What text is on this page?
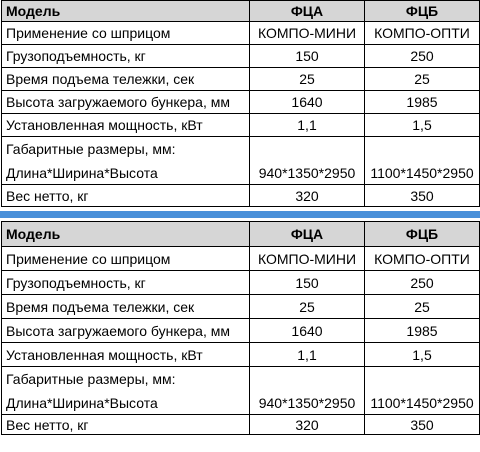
Модель	ФЦА	ФЦБ
Применение со шприцом	КОМПО-МИНИ	КОМПО-ОПТИ
Грузоподъемность, кг	150	250
Время подъема тележки, сек	25	25
Высота загружаемого бункера, мм	1640	1985
Установленная мощность, кВт	1,1	1,5

Габаритные размеры, мм:
Длина*Ширина*Высота	940*1350*2950	1100*1450*2950
Вес нетто, кг	320	350
Модель	ФЦА	ФЦБ
Применение со шприцом	КОМПО-МИНИ	КОМПО-ОПТИ
Грузоподъемность, кг	150	250
Время подъема тележки, сек	25	25
Высота загружаемого бункера, мм	1640	1985
Установленная мощность, кВт	1,1	1,5

Габаритные размеры, мм:
Длина*Ширина*Высота	940*1350*2950	1100*1450*2950
Вес нетто, кг	320	350
